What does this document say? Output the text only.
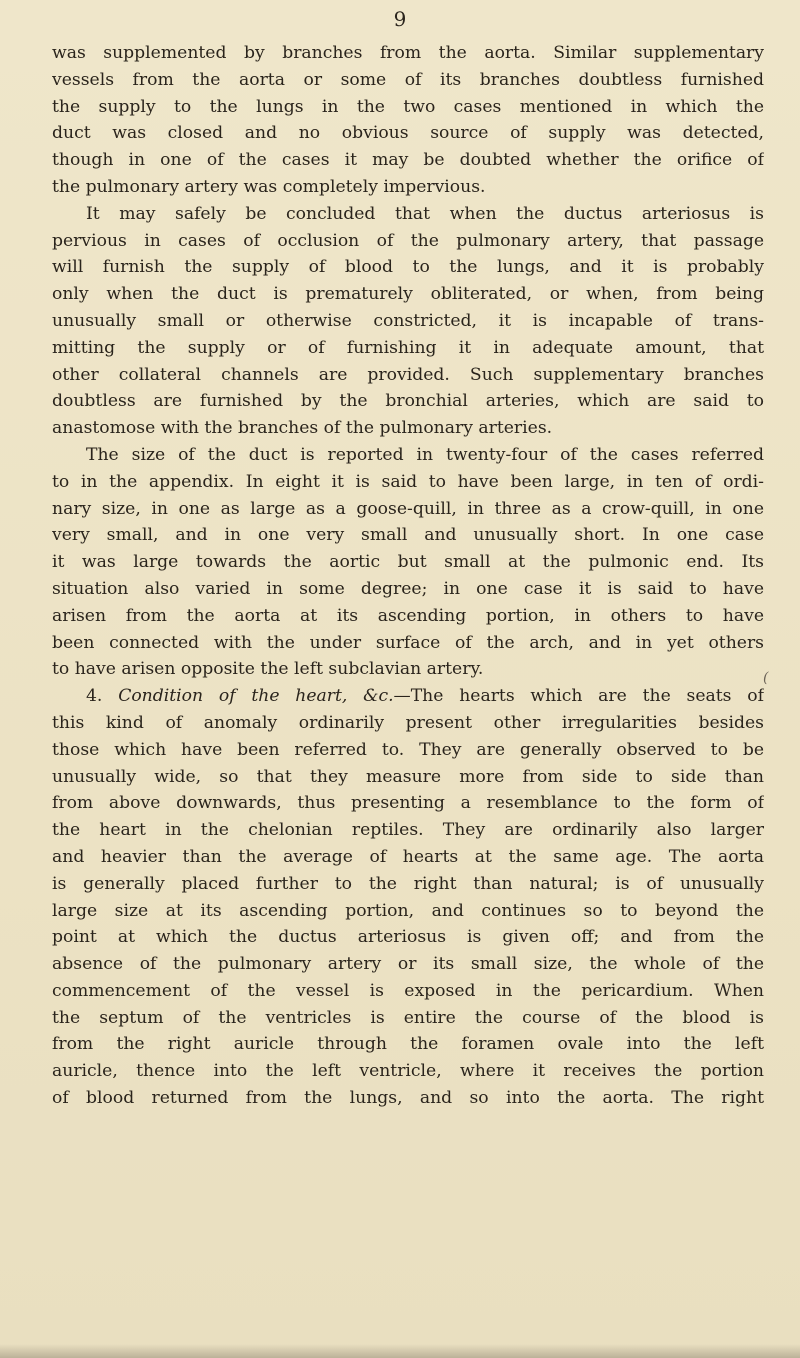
9
was supplemented by branches from the aorta. Similar supplementary
vessels from the aorta or some of its branches doubtless furnished
the supply to the lungs in the two cases mentioned in which the
duct was closed and no obvious source of supply was detected,
though in one of the cases it may be doubted whether the orifice of
the pulmonary artery was completely impervious.
It may safely be concluded that when the ductus arteriosus is
pervious in cases of occlusion of the pulmonary artery, that passage
will furnish the supply of blood to the lungs, and it is probably
only when the duct is prematurely obliterated, or when, from being
unusually small or otherwise constricted, it is incapable of trans-
mitting the supply or of furnishing it in adequate amount, that
other collateral channels are provided. Such supplementary branches
doubtless are furnished by the bronchial arteries, which are said to
anastomose with the branches of the pulmonary arteries.
The size of the duct is reported in twenty-four of the cases referred
to in the appendix. In eight it is said to have been large, in ten of ordi-
nary size, in one as large as a goose-quill, in three as a crow-quill, in one
very small, and in one very small and unusually short. In one case
it was large towards the aortic but small at the pulmonic end. Its
situation also varied in some degree; in one case it is said to have
arisen from the aorta at its ascending portion, in others to have
been connected with the under surface of the arch, and in yet others
to have arisen opposite the left subclavian artery.
4. Condition of the heart, &c.—The hearts which are the seats of
this kind of anomaly ordinarily present other irregularities besides
those which have been referred to. They are generally observed to be
unusually wide, so that they measure more from side to side than
from above downwards, thus presenting a resemblance to the form of
the heart in the chelonian reptiles. They are ordinarily also larger
and heavier than the average of hearts at the same age. The aorta
is generally placed further to the right than natural; is of unusually
large size at its ascending portion, and continues so to beyond the
point at which the ductus arteriosus is given off; and from the
absence of the pulmonary artery or its small size, the whole of the
commencement of the vessel is exposed in the pericardium. When
the septum of the ventricles is entire the course of the blood is
from the right auricle through the foramen ovale into the left
auricle, thence into the left ventricle, where it receives the portion
of blood returned from the lungs, and so into the aorta. The right
(
